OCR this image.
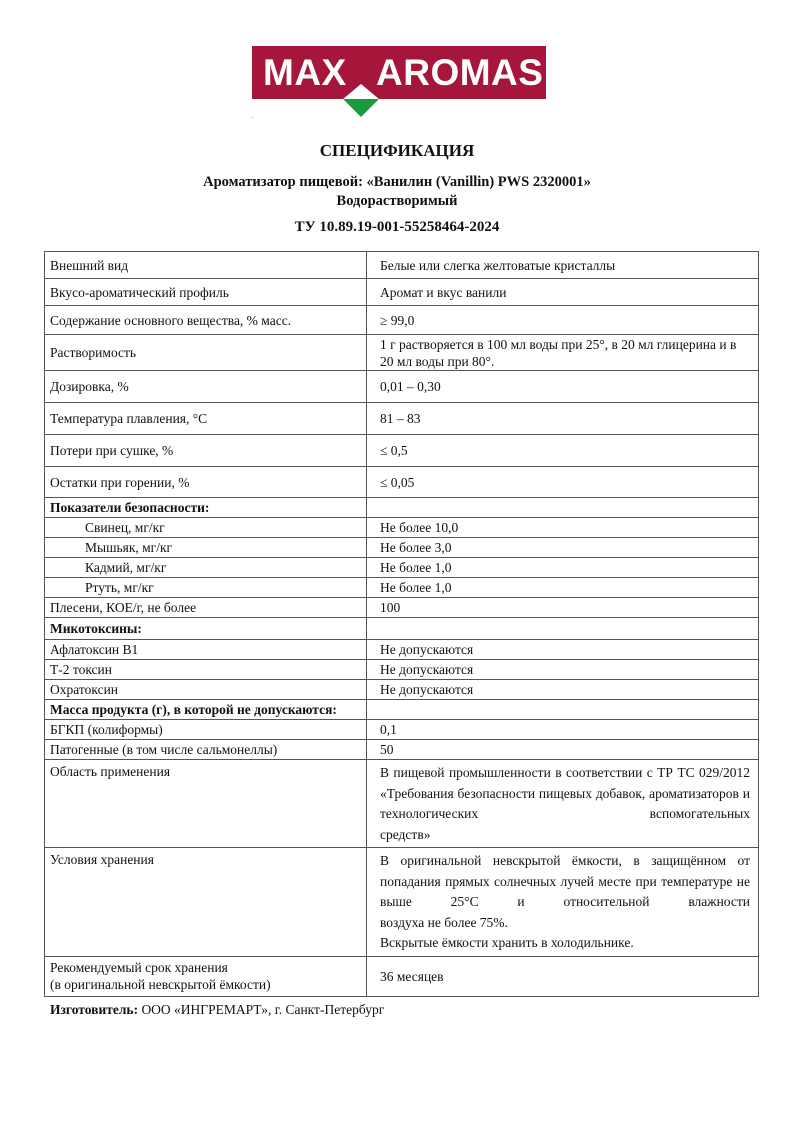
MAX AROMAS
СПЕЦИФИКАЦИЯ
Ароматизатор пищевой: «Ванилин (Vanillin) PWS 2320001»
Водорастворимый
ТУ 10.89.19-001-55258464-2024
Внешний вид	Белые или слегка желтоватые кристаллы
Вкусо-ароматический профиль	Аромат и вкус ванили
Содержание основного вещества, % масс.	≥ 99,0
Растворимость	1 г растворяется в 100 мл воды при 25°, в 20 мл глицерина и в 20 мл воды при 80°.
Дозировка, %	0,01 – 0,30
Температура плавления, °С	81 – 83
Потери при сушке, %	≤ 0,5
Остатки при горении, %	≤ 0,05
Показатели безопасности:	
Свинец, мг/кг	Не более 10,0
Мышьяк, мг/кг	Не более 3,0
Кадмий, мг/кг	Не более 1,0
Ртуть, мг/кг	Не более 1,0
Плесени, КОЕ/г, не более	100
Микотоксины:	
Афлатоксин В1	Не допускаются
Т-2 токсин	Не допускаются
Охратоксин	Не допускаются
Масса продукта (г), в которой не допускаются:	
БГКП (колиформы)	0,1
Патогенные (в том числе сальмонеллы)	50
Область применения	В пищевой промышленности в соответствии с ТР ТС 029/2012 «Требования безопасности пищевых добавок, ароматизаторов и технологических вспомогательных
средств»

Условия хранения	В оригинальной невскрытой ёмкости, в защищённом от попадания прямых солнечных лучей месте при температуре не выше 25°С и относительной влажности
воздуха не более 75%.
Вскрытые ёмкости хранить в холодильнике.

Рекомендуемый срок хранения
(в оригинальной невскрытой ёмкости)	36 месяцев
Изготовитель: ООО «ИНГРЕМАРТ», г. Санкт-Петербург
